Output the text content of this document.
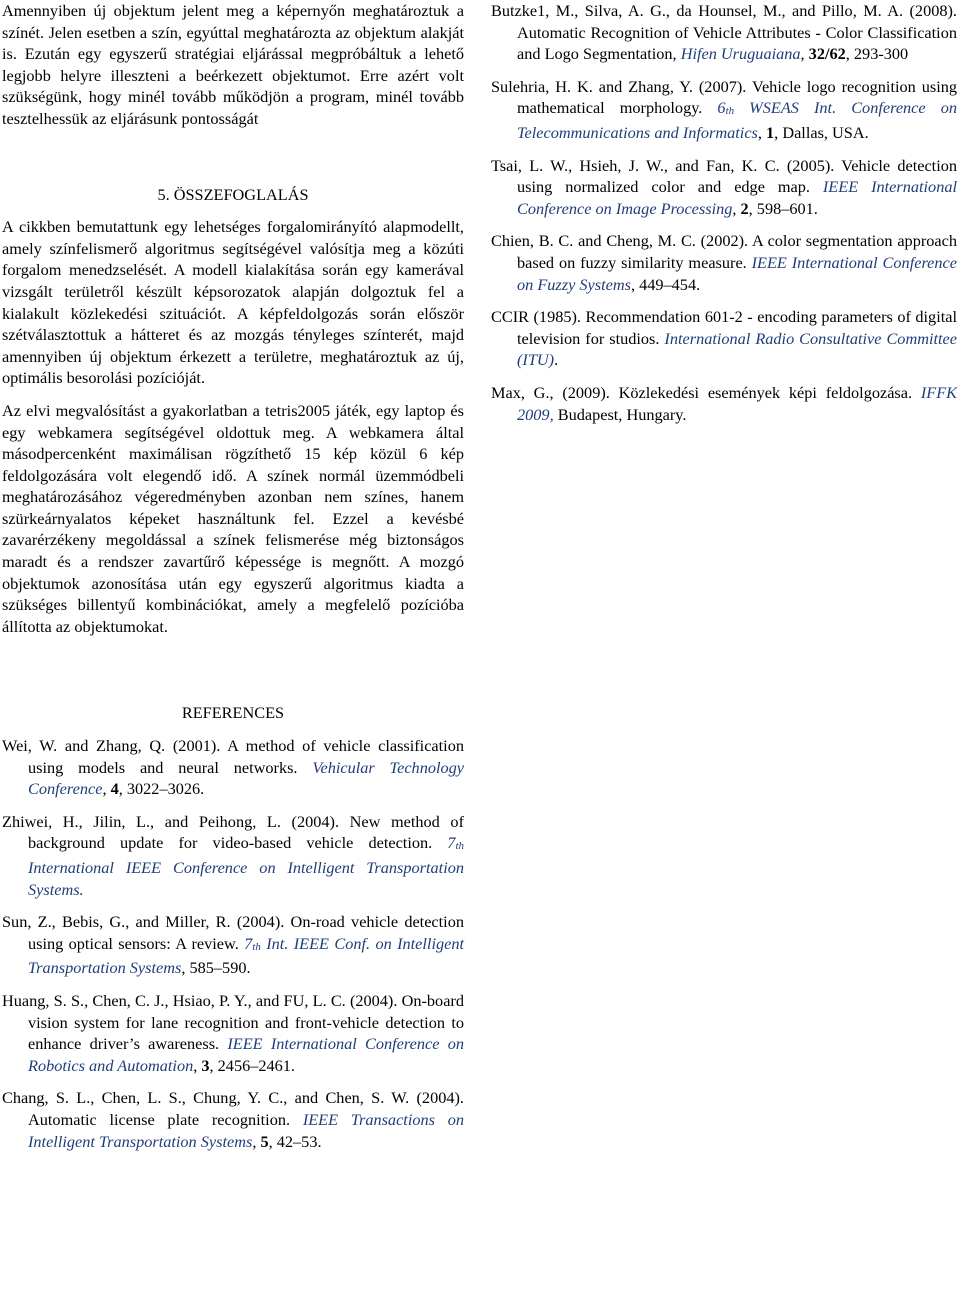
Amennyiben új objektum jelent meg a képernyőn meghatároztuk a színét. Jelen esetben a szín, egyúttal meghatározta az objektum alakját is. Ezután egy egyszerű stratégiai eljárással megpróbáltuk a lehető legjobb helyre illeszteni a beérkezett objektumot. Erre azért volt szükségünk, hogy minél tovább működjön a program, minél tovább tesztelhessük az eljárásunk pontosságát

5. ÖSSZEFOGLALÁS

A cikkben bemutattunk egy lehetséges forgalomirányító alapmodellt, amely színfelismerő algoritmus segítségével valósítja meg a közúti forgalom menedzselését. A modell kialakítása során egy kamerával vizsgált területről készült képsorozatok alapján dolgoztuk fel a kialakult közlekedési szituációt. A képfeldolgozás során először szétválasztottuk a hátteret és az mozgás tényleges színterét, majd amennyiben új objektum érkezett a területre, meghatároztuk az új, optimális besorolási pozícióját.

Az elvi megvalósítást a gyakorlatban a tetris2005 játék, egy laptop és egy webkamera segítségével oldottuk meg. A webkamera által másodpercenként maximálisan rögzíthető 15 kép közül 6 kép feldolgozására volt elegendő idő. A színek normál üzemmódbeli meghatározásához végeredményben azonban nem színes, hanem szürkeárnyalatos képeket használtunk fel. Ezzel a kevésbé zavarérzékeny megoldással a színek felismerése még biztonságos maradt és a rendszer zavartűrő képessége is megnőtt. A mozgó objektumok azonosítása után egy egyszerű algoritmus kiadta a szükséges billentyű kombinációkat, amely a megfelelő pozícióba állította az objektumokat.

REFERENCES

Wei, W. and Zhang, Q. (2001). A method of vehicle classification using models and neural networks. Vehicular Technology Conference, 4, 3022–3026.

Zhiwei, H., Jilin, L., and Peihong, L. (2004). New method of background update for video-based vehicle detection. 7th International IEEE Conference on Intelligent Transportation Systems.

Sun, Z., Bebis, G., and Miller, R. (2004). On-road vehicle detection using optical sensors: A review. 7th Int. IEEE Conf. on Intelligent Transportation Systems, 585–590.

Huang, S. S., Chen, C. J., Hsiao, P. Y., and FU, L. C. (2004). On-board vision system for lane recognition and front-vehicle detection to enhance driver’s awareness. IEEE International Conference on Robotics and Automation, 3, 2456–2461.

Chang, S. L., Chen, L. S., Chung, Y. C., and Chen, S. W. (2004). Automatic license plate recognition. IEEE Transactions on Intelligent Transportation Systems, 5, 42–53.

Butzke1, M., Silva, A. G., da Hounsel, M., and Pillo, M. A. (2008). Automatic Recognition of Vehicle Attributes - Color Classification and Logo Segmentation, Hifen Uruguaiana, 32/62, 293-300

Sulehria, H. K. and Zhang, Y. (2007). Vehicle logo recognition using mathematical morphology. 6th WSEAS Int. Conference on Telecommunications and Informatics, 1, Dallas, USA.

Tsai, L. W., Hsieh, J. W., and Fan, K. C. (2005). Vehicle detection using normalized color and edge map. IEEE International Conference on Image Processing, 2, 598–601.

Chien, B. C. and Cheng, M. C. (2002). A color segmentation approach based on fuzzy similarity measure. IEEE International Conference on Fuzzy Systems, 449–454.

CCIR (1985). Recommendation 601-2 - encoding parameters of digital television for studios. International Radio Consultative Committee (ITU).

Max, G., (2009). Közlekedési események képi feldolgozása. IFFK 2009, Budapest, Hungary.
